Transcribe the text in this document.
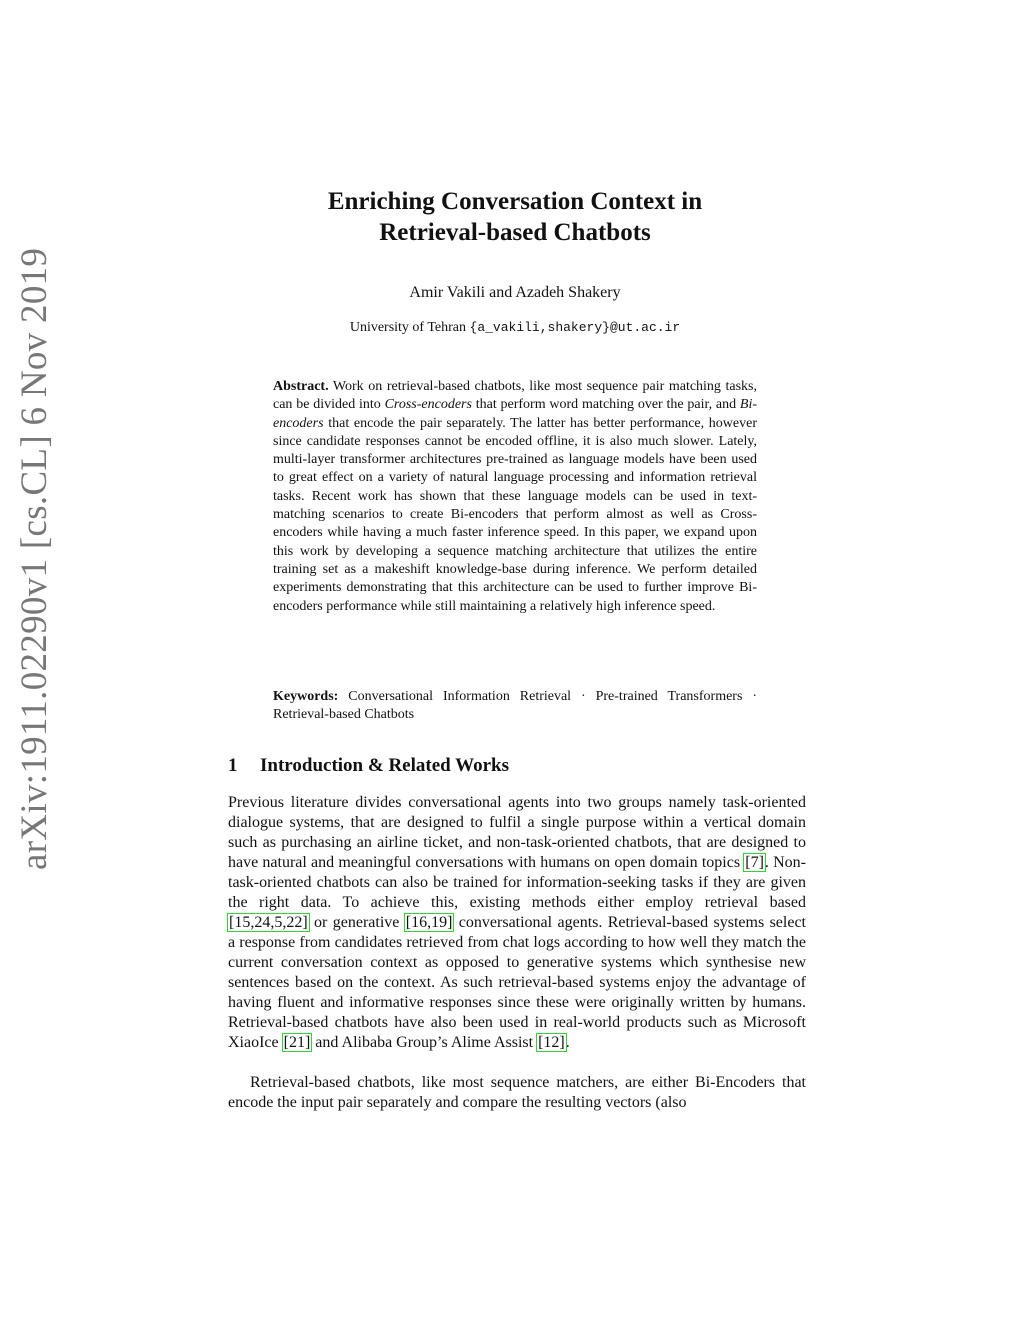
arXiv:1911.02290v1 [cs.CL] 6 Nov 2019
Enriching Conversation Context in
Retrieval-based Chatbots
Amir Vakili and Azadeh Shakery
University of Tehran {a_vakili,shakery}@ut.ac.ir
Abstract. Work on retrieval-based chatbots, like most sequence pair matching tasks, can be divided into Cross-encoders that perform word matching over the pair, and Bi-encoders that encode the pair separately. The latter has better performance, however since candidate responses cannot be encoded offline, it is also much slower. Lately, multi-layer transformer architectures pre-trained as language models have been used to great effect on a variety of natural language processing and information retrieval tasks. Recent work has shown that these language models can be used in text-matching scenarios to create Bi-encoders that perform almost as well as Cross-encoders while having a much faster inference speed. In this paper, we expand upon this work by developing a sequence matching architecture that utilizes the entire training set as a makeshift knowledge-base during inference. We perform detailed experiments demonstrating that this architecture can be used to further improve Bi-encoders performance while still maintaining a relatively high inference speed.
Keywords: Conversational Information Retrieval · Pre-trained Transformers · Retrieval-based Chatbots
1 Introduction & Related Works
Previous literature divides conversational agents into two groups namely task-oriented dialogue systems, that are designed to fulfil a single purpose within a vertical domain such as purchasing an airline ticket, and non-task-oriented chatbots, that are designed to have natural and meaningful conversations with humans on open domain topics [7]. Non-task-oriented chatbots can also be trained for information-seeking tasks if they are given the right data. To achieve this, existing methods either employ retrieval based [15,24,5,22] or generative [16,19] conversational agents. Retrieval-based systems select a response from candidates retrieved from chat logs according to how well they match the current conversation context as opposed to generative systems which synthesise new sentences based on the context. As such retrieval-based systems enjoy the advantage of having fluent and informative responses since these were originally written by humans. Retrieval-based chatbots have also been used in real-world products such as Microsoft XiaoIce [21] and Alibaba Group’s Alime Assist [12].
Retrieval-based chatbots, like most sequence matchers, are either Bi-Encoders that encode the input pair separately and compare the resulting vectors (also
